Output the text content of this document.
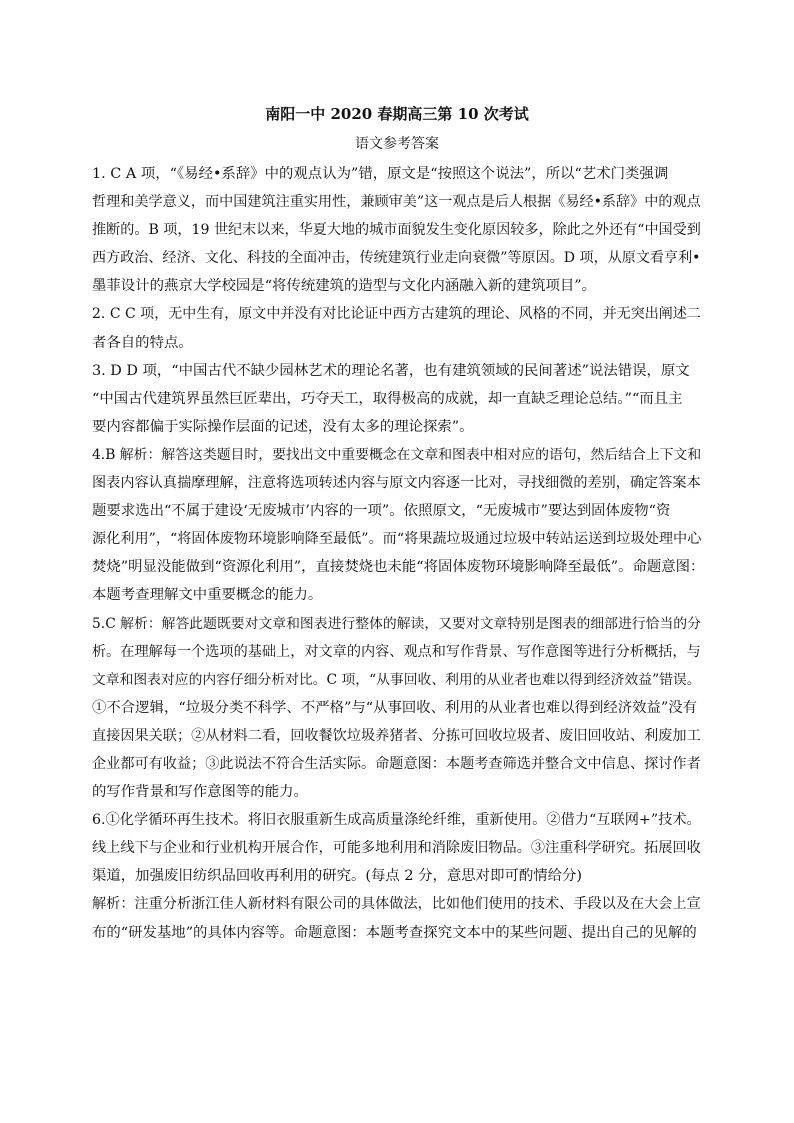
南阳一中 2020 春期高三第 10 次考试
语文参考答案
1. C A 项，“《易经•系辞》中的观点认为”错，原文是“按照这个说法”，所以“艺术门类强调
哲理和美学意义，而中国建筑注重实用性，兼顾审美”这一观点是后人根据《易经•系辞》中的观点
推断的。B 项，19 世纪末以来，华夏大地的城市面貌发生变化原因较多，除此之外还有“中国受到
西方政治、经济、文化、科技的全面冲击，传统建筑行业走向衰微”等原因。D 项，从原文看亨利•
墨菲设计的燕京大学校园是“将传统建筑的造型与文化内涵融入新的建筑项目”。
2. C C 项，无中生有，原文中并没有对比论证中西方古建筑的理论、风格的不同，并无突出阐述二
者各自的特点。
3. D D 项，“中国古代不缺少园林艺术的理论名著，也有建筑领域的民间著述”说法错误，原文
“中国古代建筑界虽然巨匠辈出，巧夺天工，取得极高的成就，却一直缺乏理论总结。”“而且主
要内容都偏于实际操作层面的记述，没有太多的理论探索”。
4.B 解析：解答这类题目时，要找出文中重要概念在文章和图表中相对应的语句，然后结合上下文和
图表内容认真揣摩理解，注意将选项转述内容与原文内容逐一比对，寻找细微的差别，确定答案本
题要求选出“不属于建设‘无废城市’内容的一项”。依照原文，“无废城市”要达到固体废物“资
源化利用”，“将固体废物环境影响降至最低”。而“将果蔬垃圾通过垃圾中转站运送到垃圾处理中心
焚烧”明显没能做到“资源化利用”，直接焚烧也未能“将固体废物环境影响降至最低”。命题意图：
本题考查理解文中重要概念的能力。
5.C 解析：解答此题既要对文章和图表进行整体的解读，又要对文章特别是图表的细部进行恰当的分
析。在理解每一个选项的基础上，对文章的内容、观点和写作背景、写作意图等进行分析概括，与
文章和图表对应的内容仔细分析对比。C 项，“从事回收、利用的从业者也难以得到经济效益”错误。
①不合逻辑，“垃圾分类不科学、不严格”与“从事回收、利用的从业者也难以得到经济效益”没有
直接因果关联；②从材料二看，回收餐饮垃圾养猪者、分拣可回收垃圾者、废旧回收站、利废加工
企业都可有收益；③此说法不符合生活实际。命题意图：本题考查筛选并整合文中信息、探讨作者
的写作背景和写作意图等的能力。
6.①化学循环再生技术。将旧衣服重新生成高质量涤纶纤维，重新使用。②借力“互联网+”技术。
线上线下与企业和行业机构开展合作，可能多地利用和消除废旧物品。③注重科学研究。拓展回收
渠道，加强废旧纺织品回收再利用的研究。(每点 2 分，意思对即可酌情给分)
解析：注重分析浙江佳人新材料有限公司的具体做法，比如他们使用的技术、手段以及在大会上宣
布的“研发基地”的具体内容等。命题意图：本题考查探究文本中的某些问题、提出自己的见解的
